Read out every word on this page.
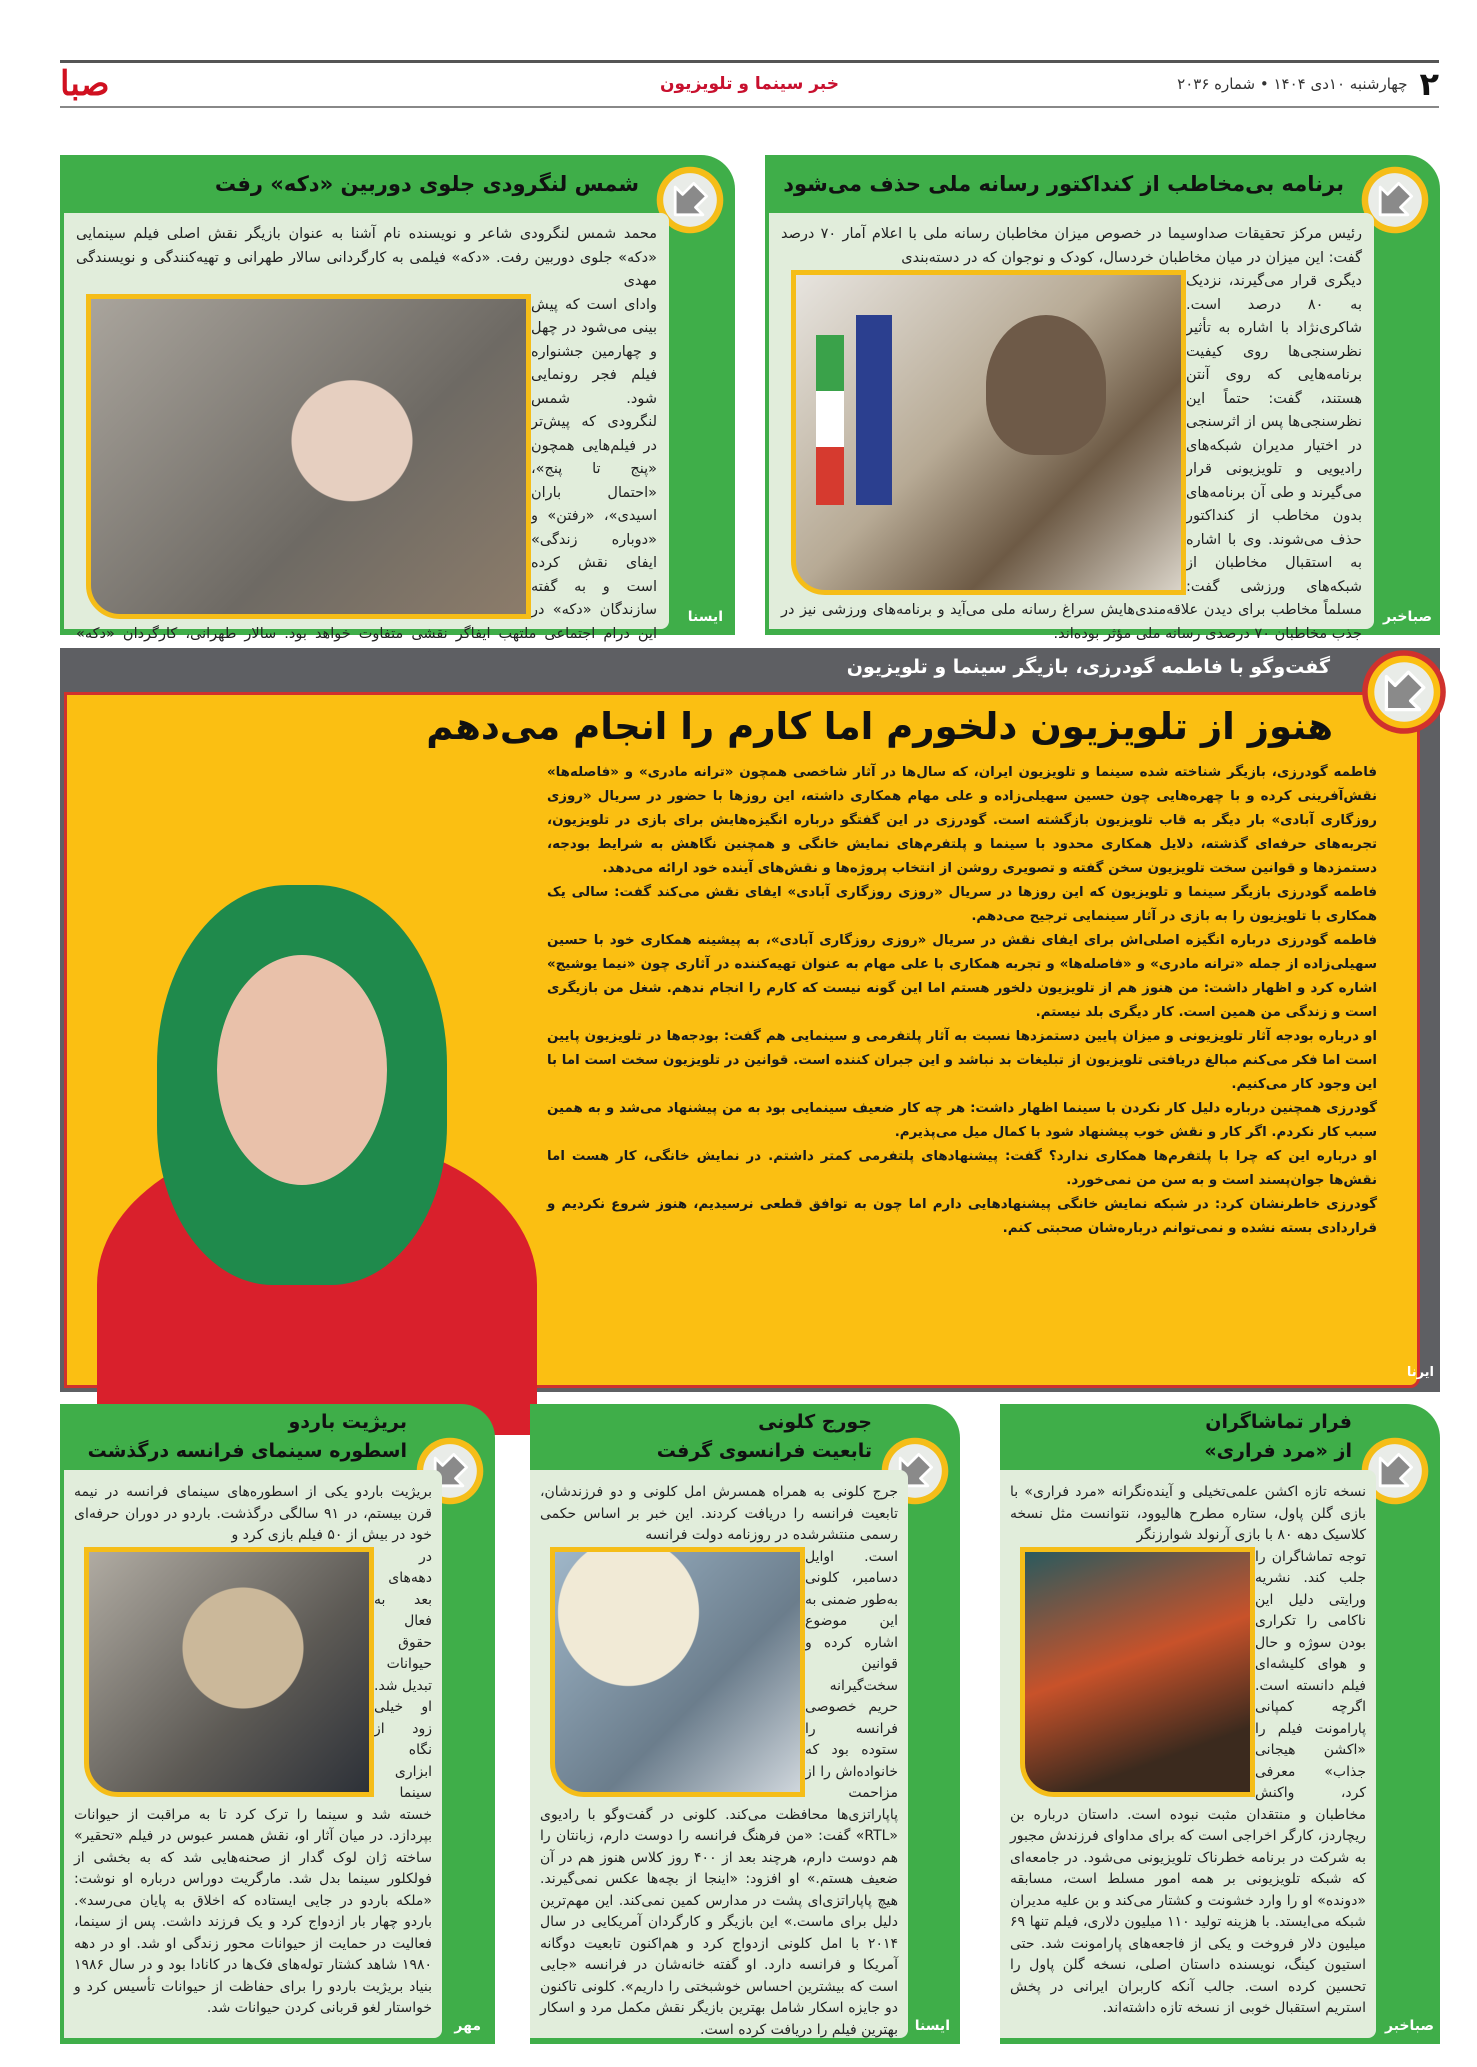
۲
چهارشنبه ۱۰دی ۱۴۰۴ • شماره ۲۰۳۶
خبر سینما و تلویزیون
صبا
برنامه بی‌مخاطب از کنداکتور رسانه ملی حذف می‌شود

رئیس مرکز تحقیقات صداوسیما در خصوص میزان مخاطبان رسانه ملی با اعلام آمار ۷۰ درصد گفت: این میزان در میان مخاطبان خردسال، کودک و نوجوان که در دسته‌بندی

دیگری قرار می‌گیرند، نزدیک به ۸۰ درصد است. شاکری‌نژاد با اشاره به تأثیر نظرسنجی‌ها روی کیفیت برنامه‌هایی که روی آنتن هستند، گفت: حتماً این نظرسنجی‌ها پس از اثرسنجی در اختیار مدیران شبکه‌های رادیویی و تلویزیونی قرار می‌گیرند و طی آن برنامه‌های بدون مخاطب از کنداکتور حذف می‌شوند. وی با اشاره به استقبال مخاطبان از شبکه‌های ورزشی گفت: مسلماً مخاطب برای دیدن علاقه‌مندی‌هایش سراغ رسانه ملی می‌آید و برنامه‌های ورزشی نیز در جذب مخاطبان ۷۰ درصدی رسانه ملی مؤثر بوده‌اند.

صباخبر
شمس لنگرودی جلوی دوربین «دکه» رفت

محمد شمس لنگرودی شاعر و نویسنده نام آشنا به عنوان بازیگر نقش اصلی فیلم سینمایی «دکه» جلوی دوربین رفت. «دکه» فیلمی به کارگردانی سالار طهرانی و تهیه‌کنندگی و نویسندگی مهدی

وادای است که پیش بینی می‌شود در چهل و چهارمین جشنواره فیلم فجر رونمایی شود. شمس لنگرودی که پیش‌تر در فیلم‌هایی همچون «پنج تا پنج»، «احتمال باران اسیدی»، «رفتن» و «دوباره زندگی» ایفای نقش کرده است و به گفته سازندگان «دکه» در این درام اجتماعی ملتهب ایفاگر نقشی متفاوت خواهد بود. سالار طهرانی، کارگردان «دکه»

ایسنا
گفت‌وگو با فاطمه گودرزی، بازیگر سینما و تلویزیون
هنوز از تلویزیون دلخورم اما کارم را انجام می‌دهم

فاطمه گودرزی، بازیگر شناخته شده سینما و تلویزیون ایران، که سال‌ها در آثار شاخصی همچون «ترانه مادری» و «فاصله‌ها» نقش‌آفرینی کرده و با چهره‌هایی چون حسین سهیلی‌زاده و علی مهام همکاری داشته، این روزها با حضور در سریال «روزی روزگاری آبادی» بار دیگر به قاب تلویزیون بازگشته است. گودرزی در این گفتگو درباره انگیزه‌هایش برای بازی در تلویزیون، تجربه‌های حرفه‌ای گذشته، دلایل همکاری محدود با سینما و پلتفرم‌های نمایش خانگی و همچنین نگاهش به شرایط بودجه، دستمزدها و قوانین سخت تلویزیون سخن گفته و تصویری روشن از انتخاب پروژه‌ها و نقش‌های آینده خود ارائه می‌دهد.

فاطمه گودرزی بازیگر سینما و تلویزیون که این روزها در سریال «روزی روزگاری آبادی» ایفای نقش می‌کند گفت: سالی یک همکاری با تلویزیون را به بازی در آثار سینمایی ترجیح می‌دهم.

فاطمه گودرزی درباره انگیزه اصلی‌اش برای ایفای نقش در سریال «روزی روزگاری آبادی»، به پیشینه همکاری خود با حسین سهیلی‌زاده از جمله «ترانه مادری» و «فاصله‌ها» و تجربه همکاری با علی مهام به عنوان تهیه‌کننده در آثاری چون «نیما یوشیج» اشاره کرد و اظهار داشت: من هنوز هم از تلویزیون دلخور هستم اما این گونه نیست که کارم را انجام ندهم. شغل من بازیگری است و زندگی من همین است. کار دیگری بلد نیستم.

او درباره بودجه آثار تلویزیونی و میزان پایین دستمزدها نسبت به آثار پلتفرمی و سینمایی هم گفت: بودجه‌ها در تلویزیون پایین است اما فکر می‌کنم مبالغ دریافتی تلویزیون از تبلیغات بد نباشد و این جبران کننده است. قوانین در تلویزیون سخت است اما با این وجود کار می‌کنیم.

گودرزی همچنین درباره دلیل کار نکردن با سینما اظهار داشت: هر چه کار ضعیف سینمایی بود به من پیشنهاد می‌شد و به همین سبب کار نکردم. اگر کار و نقش خوب پیشنهاد شود با کمال میل می‌پذیرم.

او درباره این که چرا با پلتفرم‌ها همکاری ندارد؟ گفت: پیشنهادهای پلتفرمی کمتر داشتم. در نمایش خانگی، کار هست اما نقش‌ها جوان‌پسند است و به سن من نمی‌خورد.

گودرزی خاطرنشان کرد: در شبکه نمایش خانگی پیشنهادهایی دارم اما چون به توافق قطعی نرسیدیم، هنوز شروع نکردیم و قراردادی بسته نشده و نمی‌توانم درباره‌شان صحبتی کنم.

ایرنا
فرار تماشاگران
از «مرد فراری»

نسخه تازه اکشن علمی‌تخیلی و آینده‌نگرانه «مرد فراری» با بازی گلن پاول، ستاره مطرح هالیوود، نتوانست مثل نسخه کلاسیک دهه ۸۰ با بازی آرنولد شوارزنگر

توجه تماشاگران را جلب کند. نشریه ورایتی دلیل این ناکامی را تکراری بودن سوژه و حال و هوای کلیشه‌ای فیلم دانسته است. اگرچه کمپانی پارامونت فیلم را «اکشن هیجانی جذاب» معرفی کرد، واکنش مخاطبان و منتقدان مثبت نبوده است. داستان درباره بن ریچاردز، کارگر اخراجی است که برای مداوای فرزندش مجبور به شرکت در برنامه خطرناک تلویزیونی می‌شود. در جامعه‌ای که شبکه تلویزیونی بر همه امور مسلط است، مسابقه «دونده» او را وارد خشونت و کشتار می‌کند و بن علیه مدیران شبکه می‌ایستد. با هزینه تولید ۱۱۰ میلیون دلاری، فیلم تنها ۶۹ میلیون دلار فروخت و یکی از فاجعه‌های پارامونت شد. حتی استیون کینگ، نویسنده داستان اصلی، نسخه گلن پاول را تحسین کرده است. جالب آنکه کاربران ایرانی در پخش استریم استقبال خوبی از نسخه تازه داشته‌اند.

صباخبر
جورج کلونی
تابعیت فرانسوی گرفت

جرج کلونی به همراه همسرش امل کلونی و دو فرزندشان، تابعیت فرانسه را دریافت کردند. این خبر بر اساس حکمی رسمی منتشرشده در روزنامه دولت فرانسه

است. اوایل دسامبر، کلونی به‌طور ضمنی به این موضوع اشاره کرده و قوانین سخت‌گیرانه حریم خصوصی فرانسه را ستوده بود که خانواده‌اش را از مزاحمت پاپاراتزی‌ها محافظت می‌کند. کلونی در گفت‌وگو با رادیوی «RTL» گفت: «من فرهنگ فرانسه را دوست دارم، زبانتان را هم دوست دارم، هرچند بعد از ۴۰۰ روز کلاس هنوز هم در آن ضعیف هستم.» او افزود: «اینجا از بچه‌ها عکس نمی‌گیرند. هیچ پاپاراتزی‌ای پشت در مدارس کمین نمی‌کند. این مهم‌ترین دلیل برای ماست.» این بازیگر و کارگردان آمریکایی در سال ۲۰۱۴ با امل کلونی ازدواج کرد و هم‌اکنون تابعیت دوگانه آمریکا و فرانسه دارد. او گفته خانه‌شان در فرانسه «جایی است که بیشترین احساس خوشبختی را داریم». کلونی تاکنون دو جایزه اسکار شامل بهترین بازیگر نقش مکمل مرد و اسکار بهترین فیلم را دریافت کرده است. ایسنا
بریژیت باردو
اسطوره سینمای فرانسه درگذشت

بریژیت باردو یکی از اسطوره‌های سینمای فرانسه در نیمه قرن بیستم، در ۹۱ سالگی درگذشت. باردو در دوران حرفه‌ای خود در بیش از ۵۰ فیلم بازی کرد و

در دهه‌های بعد به فعال حقوق حیوانات تبدیل شد. او خیلی زود از نگاه ابزاری سینما خسته شد و سینما را ترک کرد تا به مراقبت از حیوانات بپردازد. در میان آثار او، نقش همسر عبوس در فیلم «تحقیر» ساخته ژان لوک گدار از صحنه‌هایی شد که به بخشی از فولکلور سینما بدل شد. مارگریت دوراس درباره او نوشت: «ملکه باردو در جایی ایستاده که اخلاق به پایان می‌رسد». باردو چهار بار ازدواج کرد و یک فرزند داشت. پس از سینما، فعالیت در حمایت از حیوانات محور زندگی او شد. او در دهه ۱۹۸۰ شاهد کشتار توله‌های فک‌ها در کانادا بود و در سال ۱۹۸۶ بنیاد بریژیت باردو را برای حفاظت از حیوانات تأسیس کرد و خواستار لغو قربانی کردن حیوانات شد.

مهر
